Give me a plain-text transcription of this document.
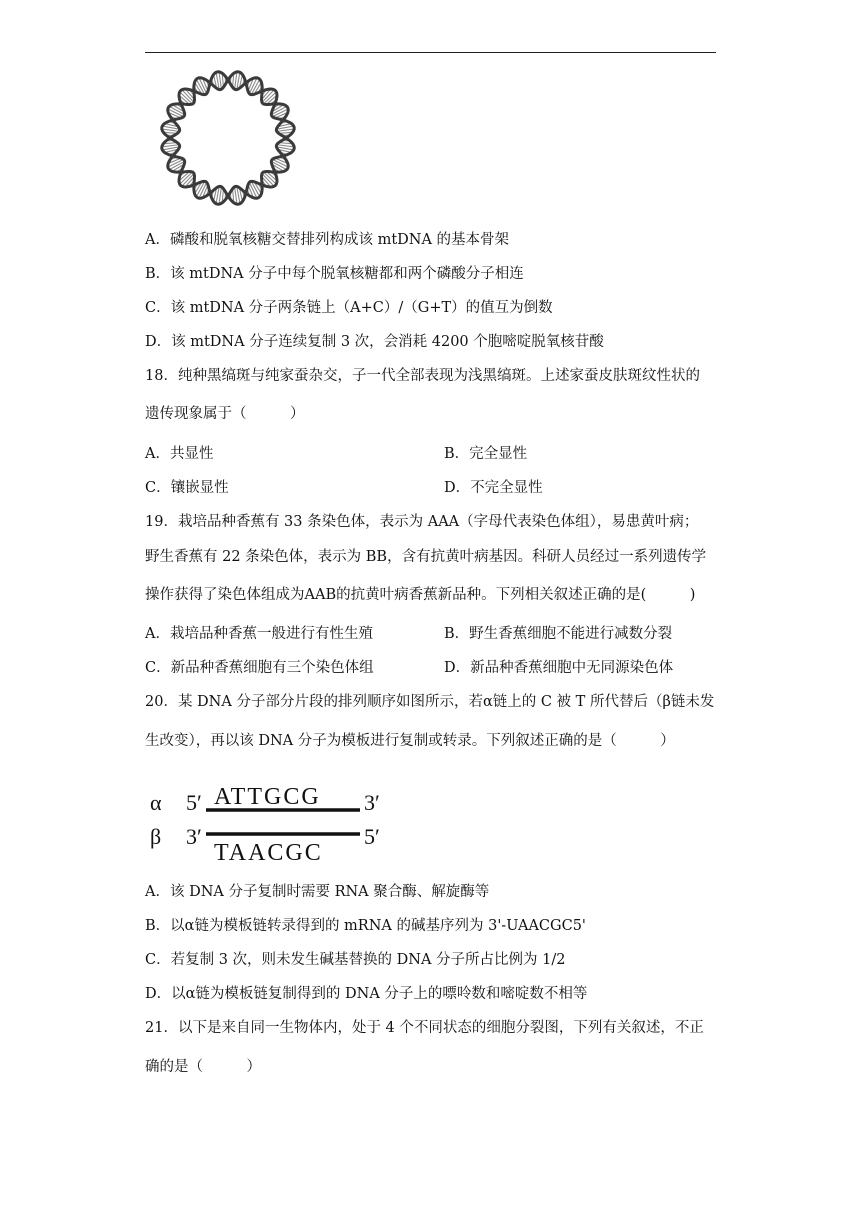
A．磷酸和脱氧核糖交替排列构成该 mtDNA 的基本骨架
B．该 mtDNA 分子中每个脱氧核糖都和两个磷酸分子相连
C．该 mtDNA 分子两条链上（A+C）/（G+T）的值互为倒数
D．该 mtDNA 分子连续复制 3 次，会消耗 4200 个胞嘧啶脱氧核苷酸
18．纯种黑缟斑与纯家蚕杂交，子一代全部表现为浅黑缟斑。上述家蚕皮肤斑纹性状的
遗传现象属于（　　　）
A．共显性	B．完全显性
C．镶嵌显性	D．不完全显性
19．栽培品种香蕉有 33 条染色体，表示为 AAA（字母代表染色体组），易患黄叶病；
野生香蕉有 22 条染色体，表示为 BB，含有抗黄叶病基因。科研人员经过一系列遗传学
操作获得了染色体组成为AAB的抗黄叶病香蕉新品种。下列相关叙述正确的是(　　　)
A．栽培品种香蕉一般进行有性生殖	B．野生香蕉细胞不能进行减数分裂
C．新品种香蕉细胞有三个染色体组	D．新品种香蕉细胞中无同源染色体
20．某 DNA 分子部分片段的排列顺序如图所示，若α链上的 C 被 T 所代替后（β链未发
生改变），再以该 DNA 分子为模板进行复制或转录。下列叙述正确的是（　　　）
α 5′ ATTGCG 3′
β 3′
TAACGC
5′
A．该 DNA 分子复制时需要 RNA 聚合酶、解旋酶等
B．以α链为模板链转录得到的 mRNA 的碱基序列为 3'-UAACGC5'
C．若复制 3 次，则未发生碱基替换的 DNA 分子所占比例为 1/2
D．以α链为模板链复制得到的 DNA 分子上的嘌呤数和嘧啶数不相等
21．以下是来自同一生物体内，处于 4 个不同状态的细胞分裂图，下列有关叙述，不正
确的是（　　　）
